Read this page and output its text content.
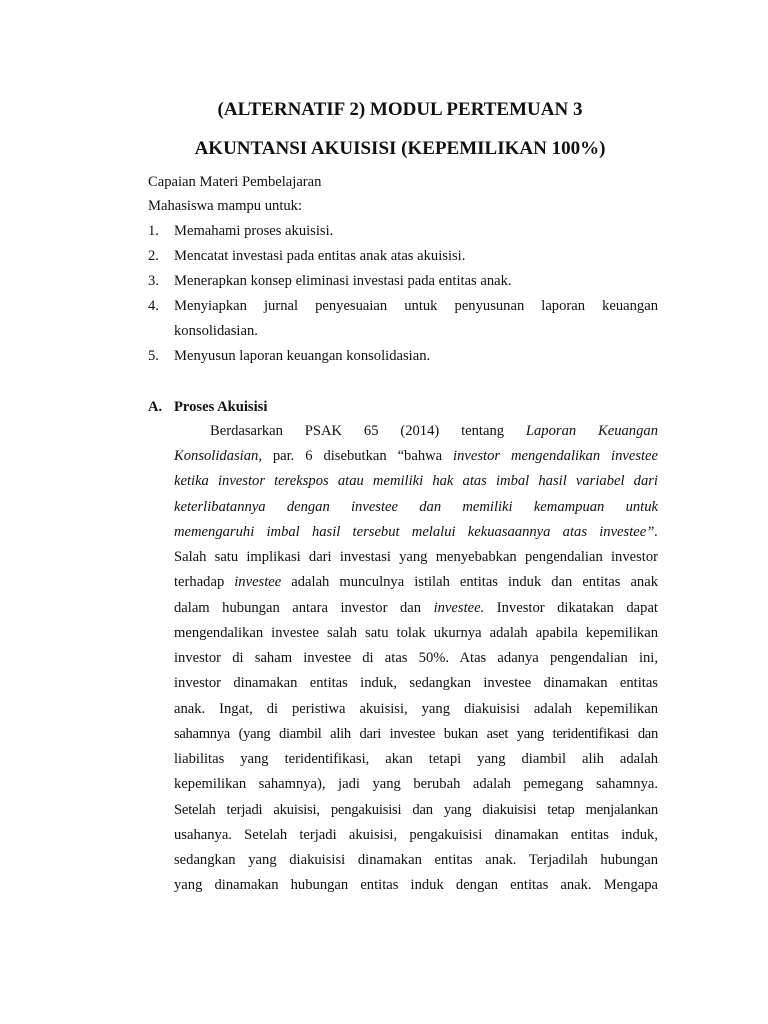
(ALTERNATIF 2) MODUL PERTEMUAN 3
AKUNTANSI AKUISISI (KEPEMILIKAN 100%)
Capaian Materi Pembelajaran
Mahasiswa mampu untuk:
1.	Memahami proses akuisisi.
2.	Mencatat investasi pada entitas anak atas akuisisi.
3.	Menerapkan konsep eliminasi investasi pada entitas anak.
4.	Menyiapkan jurnal penyesuaian untuk penyusunan laporan keuangan
konsolidasian.
5.	Menyusun laporan keuangan konsolidasian.
A. Proses Akuisisi
Berdasarkan PSAK 65 (2014) tentang Laporan Keuangan
Konsolidasian, par. 6 disebutkan “bahwa investor mengendalikan investee
ketika investor terekspos atau memiliki hak atas imbal hasil variabel dari
keterlibatannya dengan investee dan memiliki kemampuan untuk
memengaruhi imbal hasil tersebut melalui kekuasaannya atas investee”.
Salah satu implikasi dari investasi yang menyebabkan pengendalian investor
terhadap investee adalah munculnya istilah entitas induk dan entitas anak
dalam hubungan antara investor dan investee. Investor dikatakan dapat
mengendalikan investee salah satu tolak ukurnya adalah apabila kepemilikan
investor di saham investee di atas 50%. Atas adanya pengendalian ini,
investor dinamakan entitas induk, sedangkan investee dinamakan entitas
anak. Ingat, di peristiwa akuisisi, yang diakuisisi adalah kepemilikan
sahamnya (yang diambil alih dari investee bukan aset yang teridentifikasi dan
liabilitas yang teridentifikasi, akan tetapi yang diambil alih adalah
kepemilikan sahamnya), jadi yang berubah adalah pemegang sahamnya.
Setelah terjadi akuisisi, pengakuisisi dan yang diakuisisi tetap menjalankan
usahanya. Setelah terjadi akuisisi, pengakuisisi dinamakan entitas induk,
sedangkan yang diakuisisi dinamakan entitas anak. Terjadilah hubungan
yang dinamakan hubungan entitas induk dengan entitas anak. Mengapa
